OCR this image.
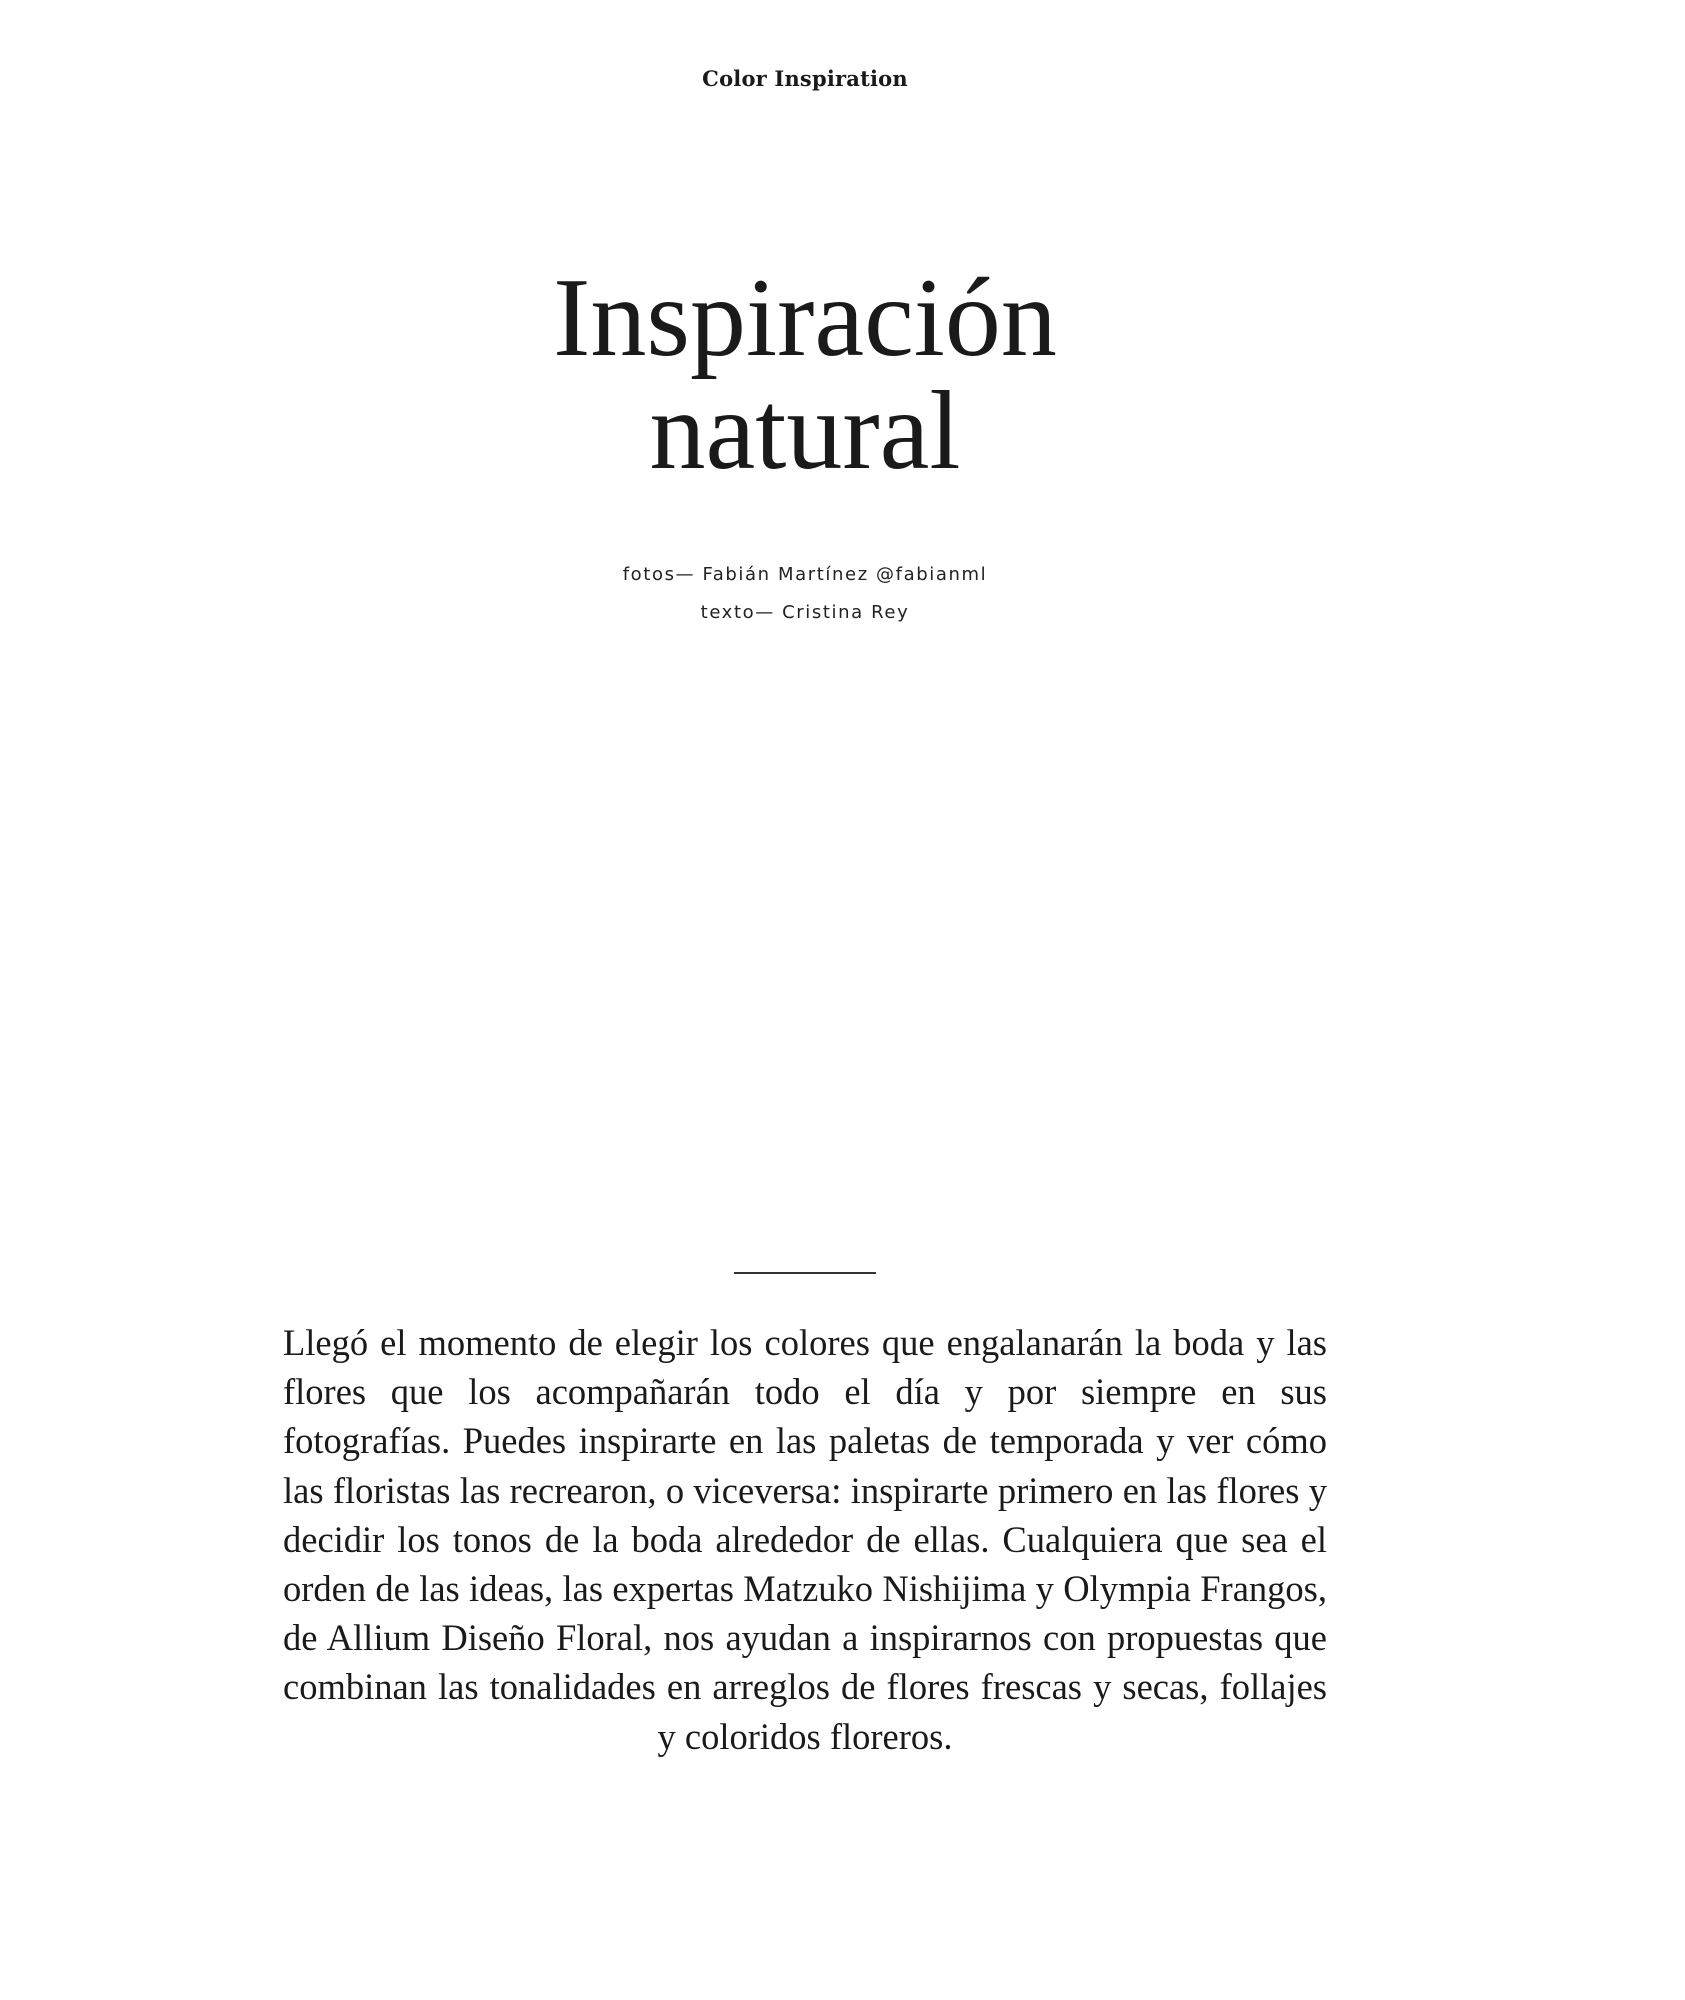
Color Inspiration
Inspiración
natural
fotos— Fabián Martínez @fabianml
texto— Cristina Rey

Llegó el momento de elegir los colores que engalanarán la boda y las flores que los acompañarán todo el día y por siempre en sus fotografías. Puedes inspirarte en las paletas de temporada y ver cómo las floristas las recrearon, o viceversa: inspirarte primero en las flores y decidir los tonos de la boda alrededor de ellas. Cualquiera que sea el orden de las ideas, las expertas Matzuko Nishijima y Olympia Frangos, de Allium Diseño Floral, nos ayudan a inspirarnos con propuestas que combinan las tonalidades en arreglos de flores frescas y secas, follajes y coloridos floreros.
